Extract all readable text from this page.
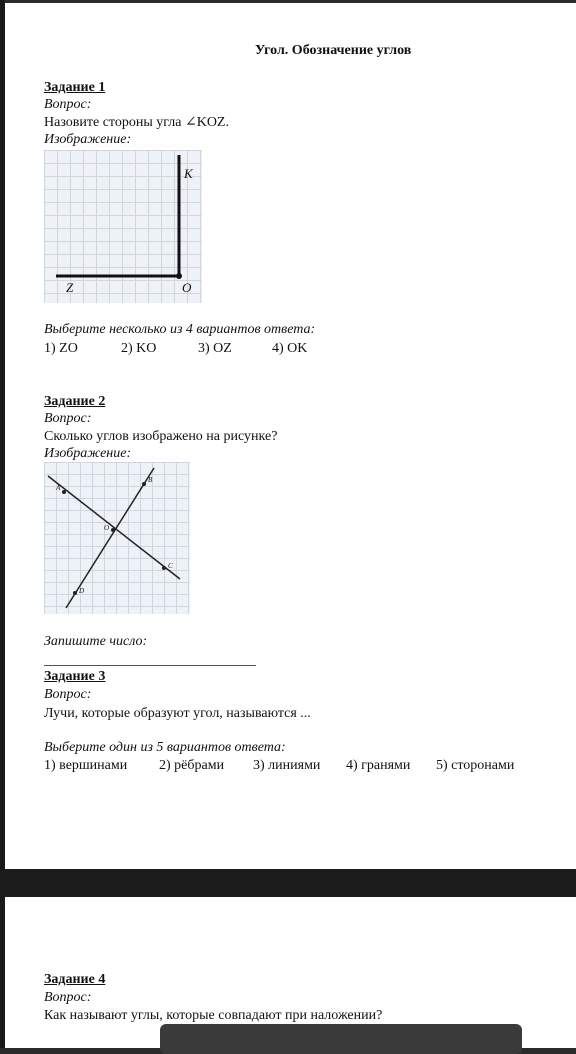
Угол. Обозначение углов
Задание 1
Вопрос:
Назовите стороны угла ∠KOZ.
Изображение:
K
Z	O
Выберите несколько из 4 вариантов ответа:
1) ZO	2) KO	3) OZ	4) OK
Задание 2
Вопрос:
Сколько углов изображено на рисунке?
Изображение:
A
B
O
C
D
Запишите число:
Задание 3
Вопрос:
Лучи, которые образуют угол, называются ...
Выберите один из 5 вариантов ответа:
1) вершинами 2) рёбрами 3) линиями 4) гранями 5) сторонами
Задание 4
Вопрос:
Как называют углы, которые совпадают при наложении?
